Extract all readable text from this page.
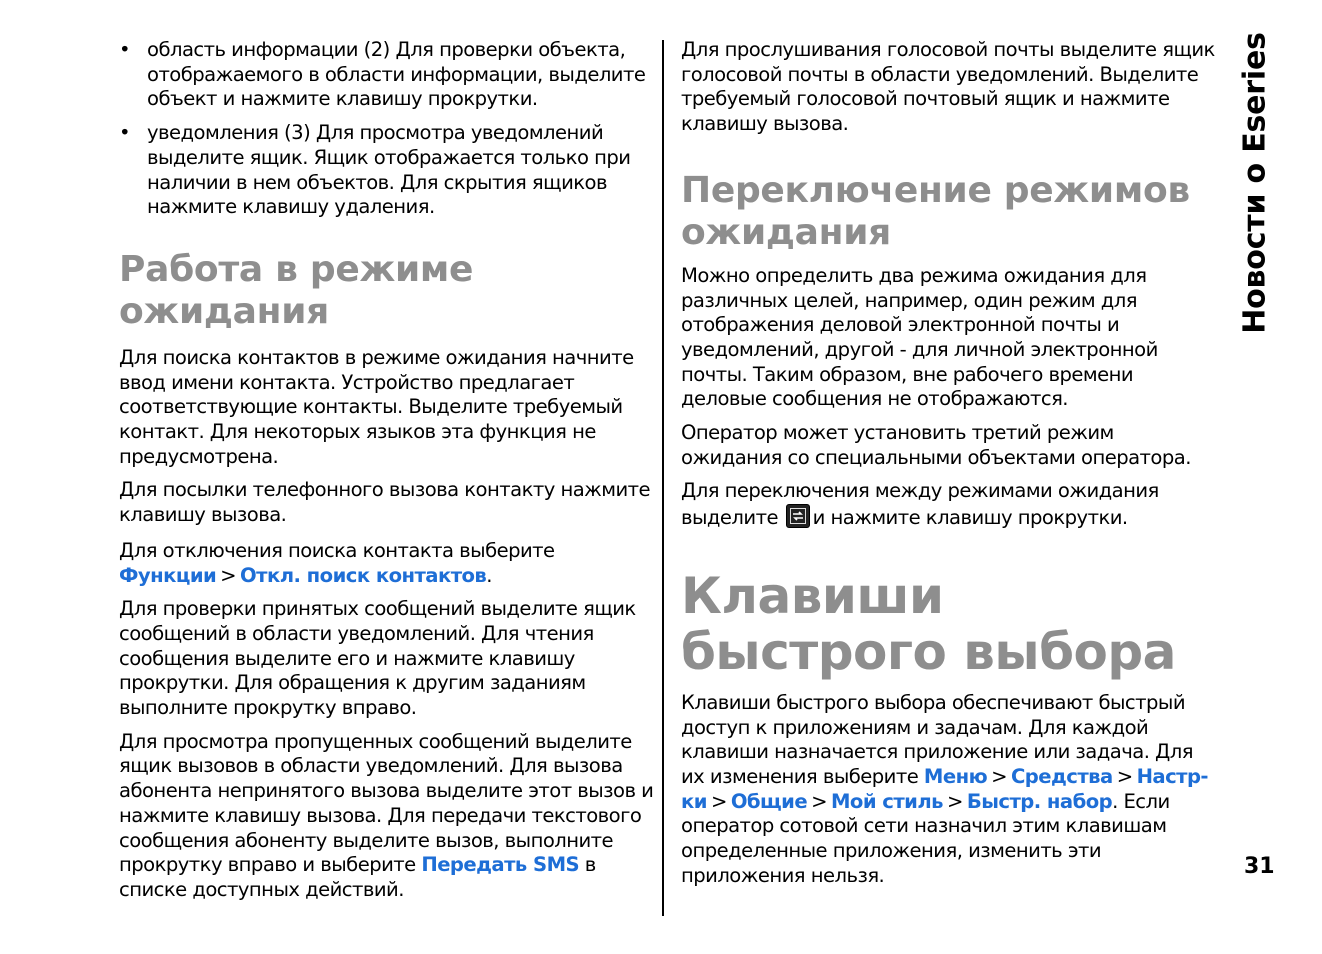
• область информации (2) Для проверки объекта, отображаемого в области информации, выделите объект и нажмите клавишу прокрутки.
• уведомления (3) Для просмотра уведомлений выделите ящик. Ящик отображается только при наличии в нем объектов. Для скрытия ящиков нажмите клавишу удаления.
Работа в режиме ожидания

Для поиска контактов в режиме ожидания начните ввод имени контакта. Устройство предлагает соответствующие контакты. Выделите требуемый контакт. Для некоторых языков эта функция не предусмотрена.

Для посылки телефонного вызова контакту нажмите клавишу вызова.

Для отключения поиска контакта выберите Функции > Откл. поиск контактов.

Для проверки принятых сообщений выделите ящик сообщений в области уведомлений. Для чтения сообщения выделите его и нажмите клавишу прокрутки. Для обращения к другим заданиям выполните прокрутку вправо.

Для просмотра пропущенных сообщений выделите ящик вызовов в области уведомлений. Для вызова абонента непринятого вызова выделите этот вызов и нажмите клавишу вызова. Для передачи текстового сообщения абоненту выделите вызов, выполните прокрутку вправо и выберите Передать SMS в списке доступных действий.

Для прослушивания голосовой почты выделите ящик голосовой почты в области уведомлений. Выделите требуемый голосовой почтовый ящик и нажмите клавишу вызова.

Переключение режимов ожидания

Можно определить два режима ожидания для различных целей, например, один режим для отображения деловой электронной почты и уведомлений, другой - для личной электронной почты. Таким образом, вне рабочего времени деловые сообщения не отображаются.

Оператор может установить третий режим ожидания со специальными объектами оператора.

Для переключения между режимами ожидания выделите и нажмите клавишу прокрутки.

Клавиши быстрого выбора

Клавиши быстрого выбора обеспечивают быстрый доступ к приложениям и задачам. Для каждой клавиши назначается приложение или задача. Для их изменения выберите Меню > Средства > Настр-ки > Общие > Мой стиль > Быстр. набор. Если оператор сотовой сети назначил этим клавишам определенные приложения, изменить эти приложения нельзя.

Новости о Eseries
31
